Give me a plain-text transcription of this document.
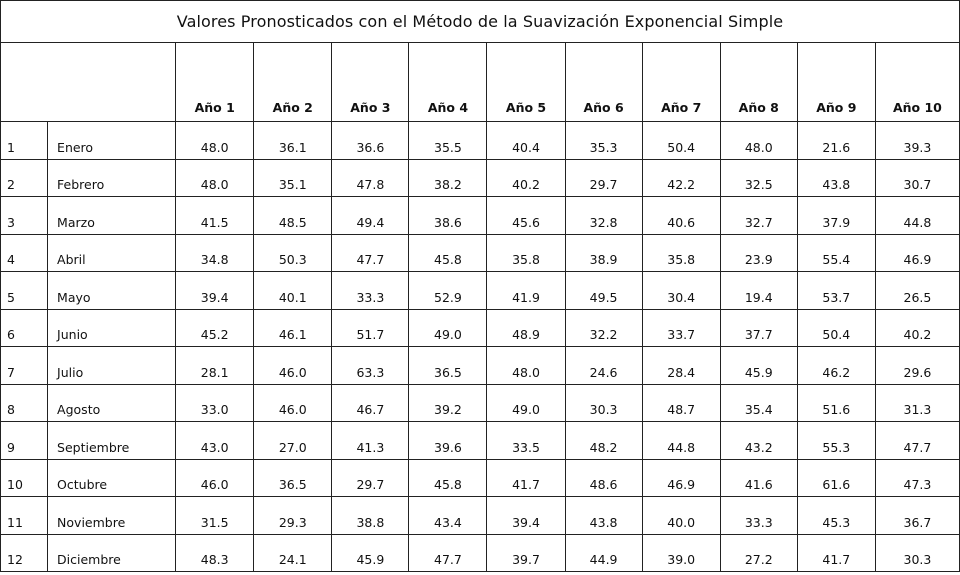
Valores Pronosticados con el Método de la Suavización Exponencial Simple
		Año 1	Año 2	Año 3	Año 4	Año 5	Año 6	Año 7	Año 8	Año 9	Año 10
1	Enero	48.0	36.1	36.6	35.5	40.4	35.3	50.4	48.0	21.6	39.3
2	Febrero	48.0	35.1	47.8	38.2	40.2	29.7	42.2	32.5	43.8	30.7
3	Marzo	41.5	48.5	49.4	38.6	45.6	32.8	40.6	32.7	37.9	44.8
4	Abril	34.8	50.3	47.7	45.8	35.8	38.9	35.8	23.9	55.4	46.9
5	Mayo	39.4	40.1	33.3	52.9	41.9	49.5	30.4	19.4	53.7	26.5
6	Junio	45.2	46.1	51.7	49.0	48.9	32.2	33.7	37.7	50.4	40.2
7	Julio	28.1	46.0	63.3	36.5	48.0	24.6	28.4	45.9	46.2	29.6
8	Agosto	33.0	46.0	46.7	39.2	49.0	30.3	48.7	35.4	51.6	31.3
9	Septiembre	43.0	27.0	41.3	39.6	33.5	48.2	44.8	43.2	55.3	47.7
10	Octubre	46.0	36.5	29.7	45.8	41.7	48.6	46.9	41.6	61.6	47.3
11	Noviembre	31.5	29.3	38.8	43.4	39.4	43.8	40.0	33.3	45.3	36.7
12	Diciembre	48.3	24.1	45.9	47.7	39.7	44.9	39.0	27.2	41.7	30.3
